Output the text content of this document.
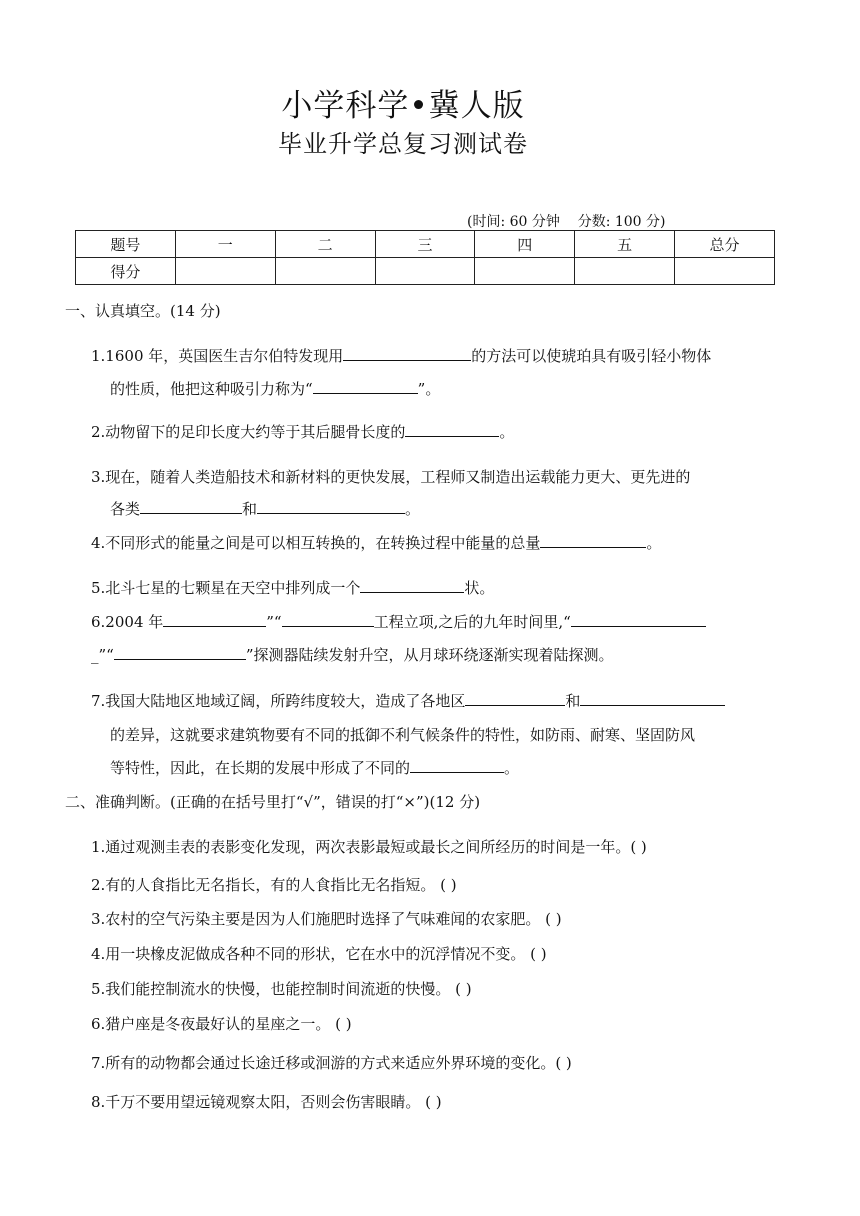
小学科学•冀人版
毕业升学总复习测试卷
(时间: 60 分钟    分数: 100 分)
题号	一	二	三	四	五	总分
得分						
一、认真填空。(14 分)
1.1600 年，英国医生吉尔伯特发现用	的方法可以使琥珀具有吸引轻小物体
的性质，他把这种吸引力称为“	”。
2.动物留下的足印长度大约等于其后腿骨长度的	。
3.现在，随着人类造船技术和新材料的更快发展，工程师又制造出运载能力更大、更先进的
各类	和	。
4.不同形式的能量之间是可以相互转换的，在转换过程中能量的总量	。
5.北斗七星的七颗星在天空中排列成一个	状。
6.2004 年	”“	工程立项,之后的九年时间里,“
_”“	”探测器陆续发射升空，从月球环绕逐渐实现着陆探测。
7.我国大陆地区地域辽阔，所跨纬度较大，造成了各地区	和
的差异，这就要求建筑物要有不同的抵御不利气候条件的特性，如防雨、耐寒、坚固防风
等特性，因此，在长期的发展中形成了不同的	。
二、准确判断。(正确的在括号里打“√”，错误的打“×”)(12 分)
1.通过观测圭表的表影变化发现，两次表影最短或最长之间所经历的时间是一年。( )
2.有的人食指比无名指长，有的人食指比无名指短。 ( )
3.农村的空气污染主要是因为人们施肥时选择了气味难闻的农家肥。 ( )
4.用一块橡皮泥做成各种不同的形状，它在水中的沉浮情况不变。 ( )
5.我们能控制流水的快慢，也能控制时间流逝的快慢。 ( )
6.猎户座是冬夜最好认的星座之一。 ( )
7.所有的动物都会通过长途迁移或洄游的方式来适应外界环境的变化。( )
8.千万不要用望远镜观察太阳，否则会伤害眼睛。 ( )
